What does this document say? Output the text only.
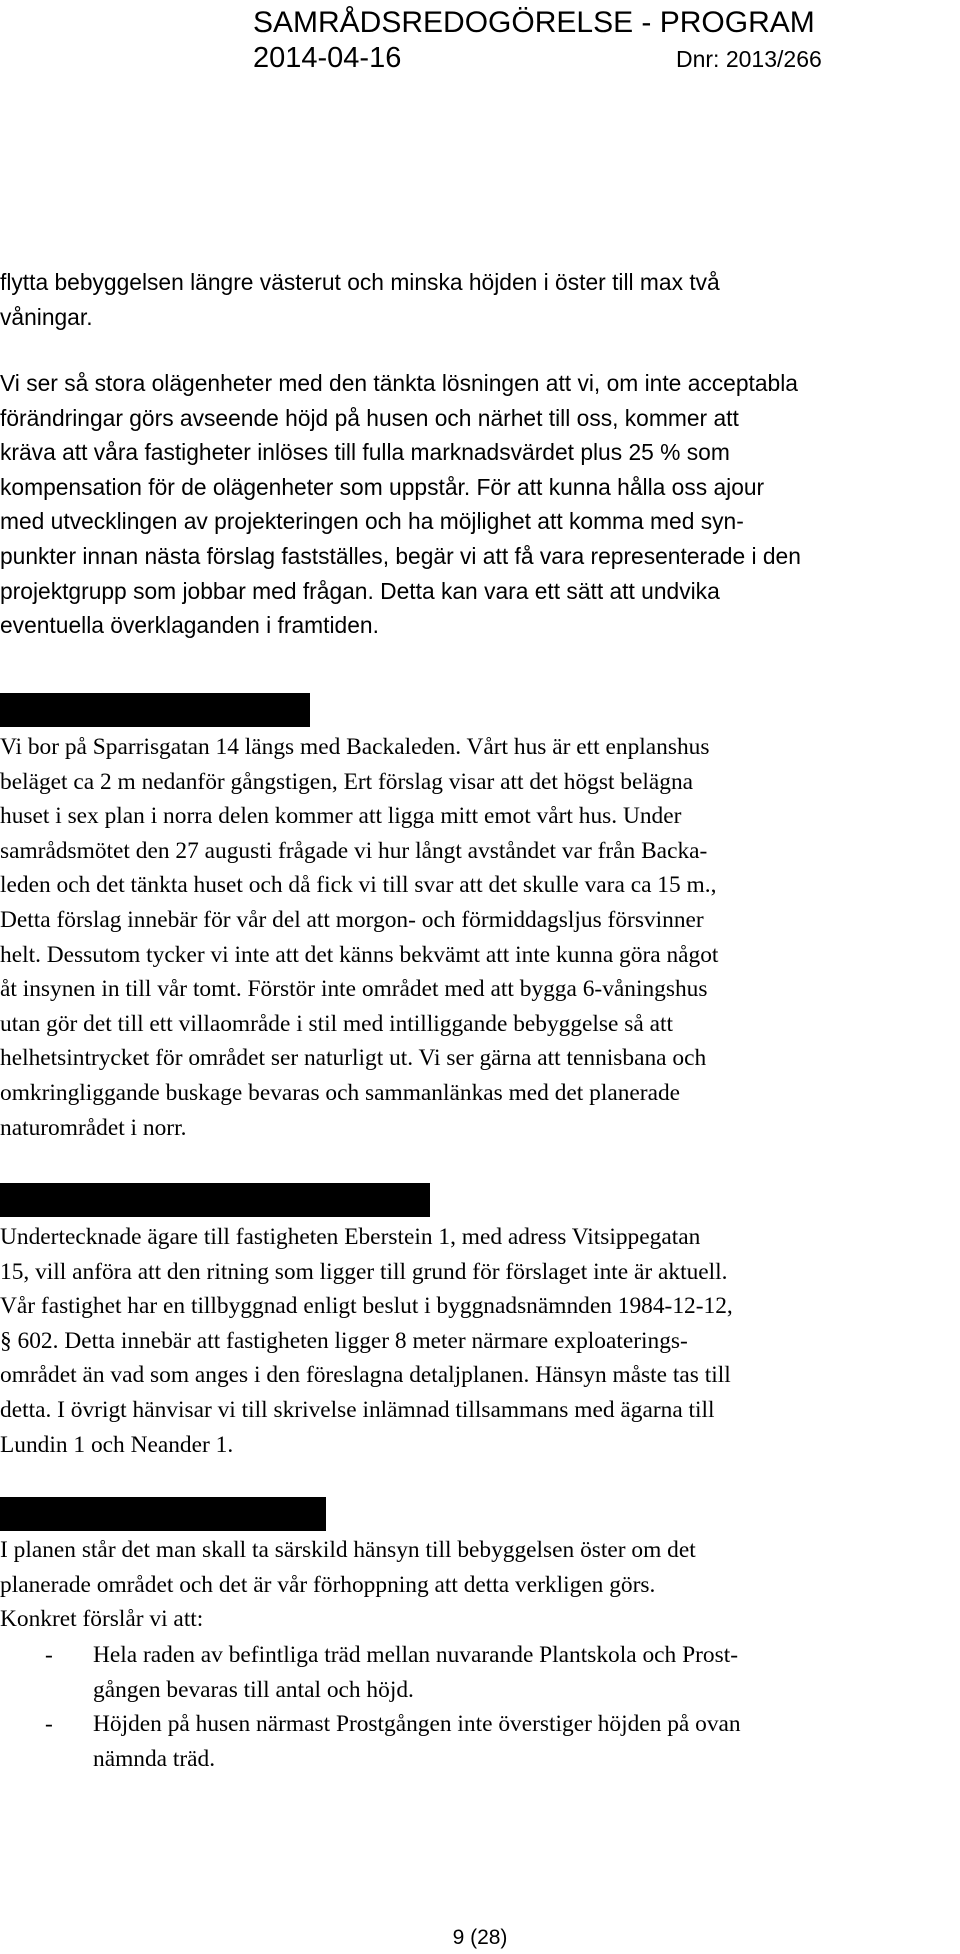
SAMRÅDSREDOGÖRELSE - PROGRAM
2014-04-16	Dnr: 2013/266
flytta bebyggelsen längre västerut och minska höjden i öster till max två
våningar.
Vi ser så stora olägenheter med den tänkta lösningen att vi, om inte acceptabla
förändringar görs avseende höjd på husen och närhet till oss, kommer att
kräva att våra fastigheter inlöses till fulla marknadsvärdet plus 25 % som
kompensation för de olägenheter som uppstår. För att kunna hålla oss ajour
med utvecklingen av projekteringen och ha möjlighet att komma med syn-
punkter innan nästa förslag fastställes, begär vi att få vara representerade i den
projektgrupp som jobbar med frågan. Detta kan vara ett sätt att undvika
eventuella överklaganden i framtiden.
Vi bor på Sparrisgatan 14 längs med Backaleden. Vårt hus är ett enplanshus
beläget ca 2 m nedanför gångstigen, Ert förslag visar att det högst belägna
huset i sex plan i norra delen kommer att ligga mitt emot vårt hus. Under
samrådsmötet den 27 augusti frågade vi hur långt avståndet var från Backa-
leden och det tänkta huset och då fick vi till svar att det skulle vara ca 15 m.,
Detta förslag innebär för vår del att morgon- och förmiddagsljus försvinner
helt. Dessutom tycker vi inte att det känns bekvämt att inte kunna göra något
åt insynen in till vår tomt. Förstör inte området med att bygga 6-våningshus
utan gör det till ett villaområde i stil med intilliggande bebyggelse så att
helhetsintrycket för området ser naturligt ut. Vi ser gärna att tennisbana och
omkringliggande buskage bevaras och sammanlänkas med det planerade
naturområdet i norr.
Undertecknade ägare till fastigheten Eberstein 1, med adress Vitsippegatan
15, vill anföra att den ritning som ligger till grund för förslaget inte är aktuell.
Vår fastighet har en tillbyggnad enligt beslut i byggnadsnämnden 1984-12-12,
§ 602. Detta innebär att fastigheten ligger 8 meter närmare exploaterings-
området än vad som anges i den föreslagna detaljplanen. Hänsyn måste tas till
detta. I övrigt hänvisar vi till skrivelse inlämnad tillsammans med ägarna till
Lundin 1 och Neander 1.
I planen står det man skall ta särskild hänsyn till bebyggelsen öster om det
planerade området och det är vår förhoppning att detta verkligen görs.
Konkret förslår vi att:
- Hela raden av befintliga träd mellan nuvarande Plantskola och Prost-
gången bevaras till antal och höjd.
- Höjden på husen närmast Prostgången inte överstiger höjden på ovan
nämnda träd.
9 (28)
